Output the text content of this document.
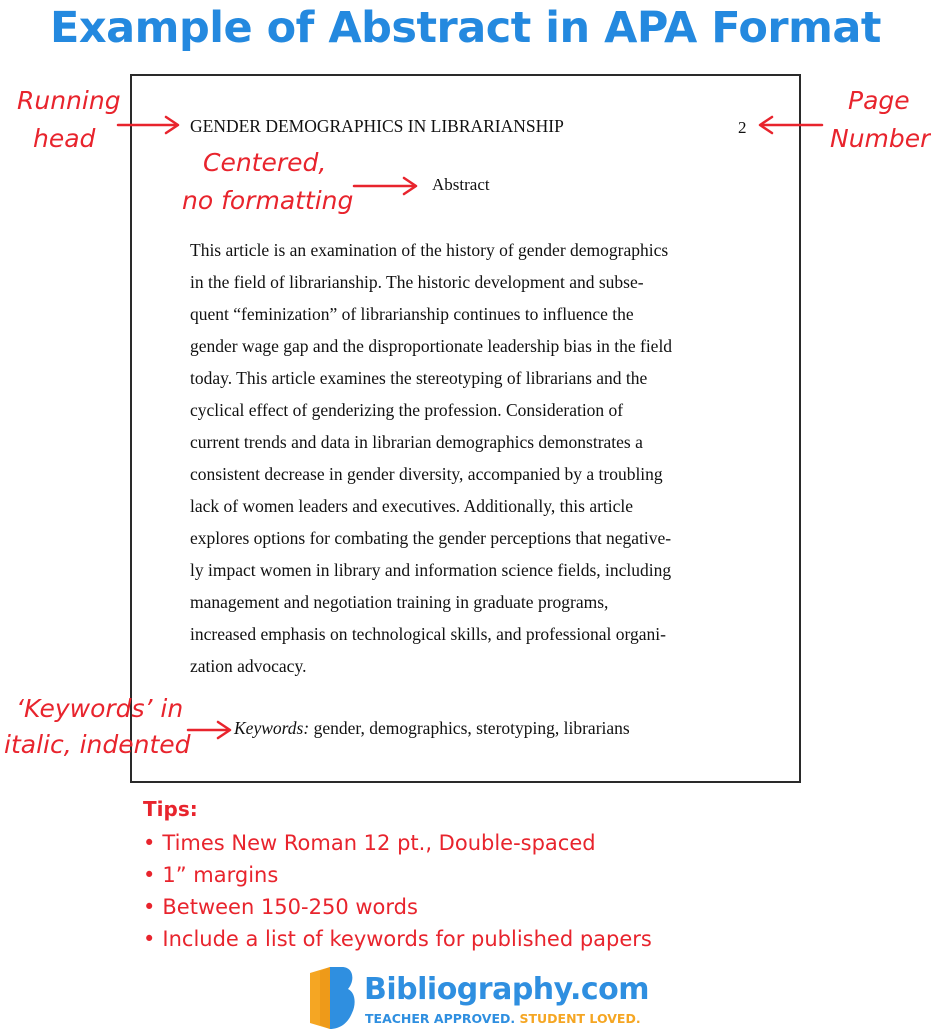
Example of Abstract in APA Format
GENDER DEMOGRAPHICS IN LIBRARIANSHIP	2
Abstract

This article is an examination of the history of gender demographics
in the field of librarianship. The historic development and subse-
quent “feminization” of librarianship continues to influence the
gender wage gap and the disproportionate leadership bias in the field
today. This article examines the stereotyping of librarians and the
cyclical effect of genderizing the profession. Consideration of
current trends and data in librarian demographics demonstrates a
consistent decrease in gender diversity, accompanied by a troubling
lack of women leaders and executives. Additionally, this article
explores options for combating the gender perceptions that negative-
ly impact women in library and information science fields, including
management and negotiation training in graduate programs,
increased emphasis on technological skills, and professional organi-
zation advocacy.

Keywords: gender, demographics, sterotyping, librarians
Running
head
Page
Number
Centered,
no formatting
‘Keywords’ in
italic, indented
Tips:
• Times New Roman 12 pt., Double-spaced
• 1” margins
• Between 150-250 words
• Include a list of keywords for published papers
Bibliography.com
TEACHER APPROVED. STUDENT LOVED.
